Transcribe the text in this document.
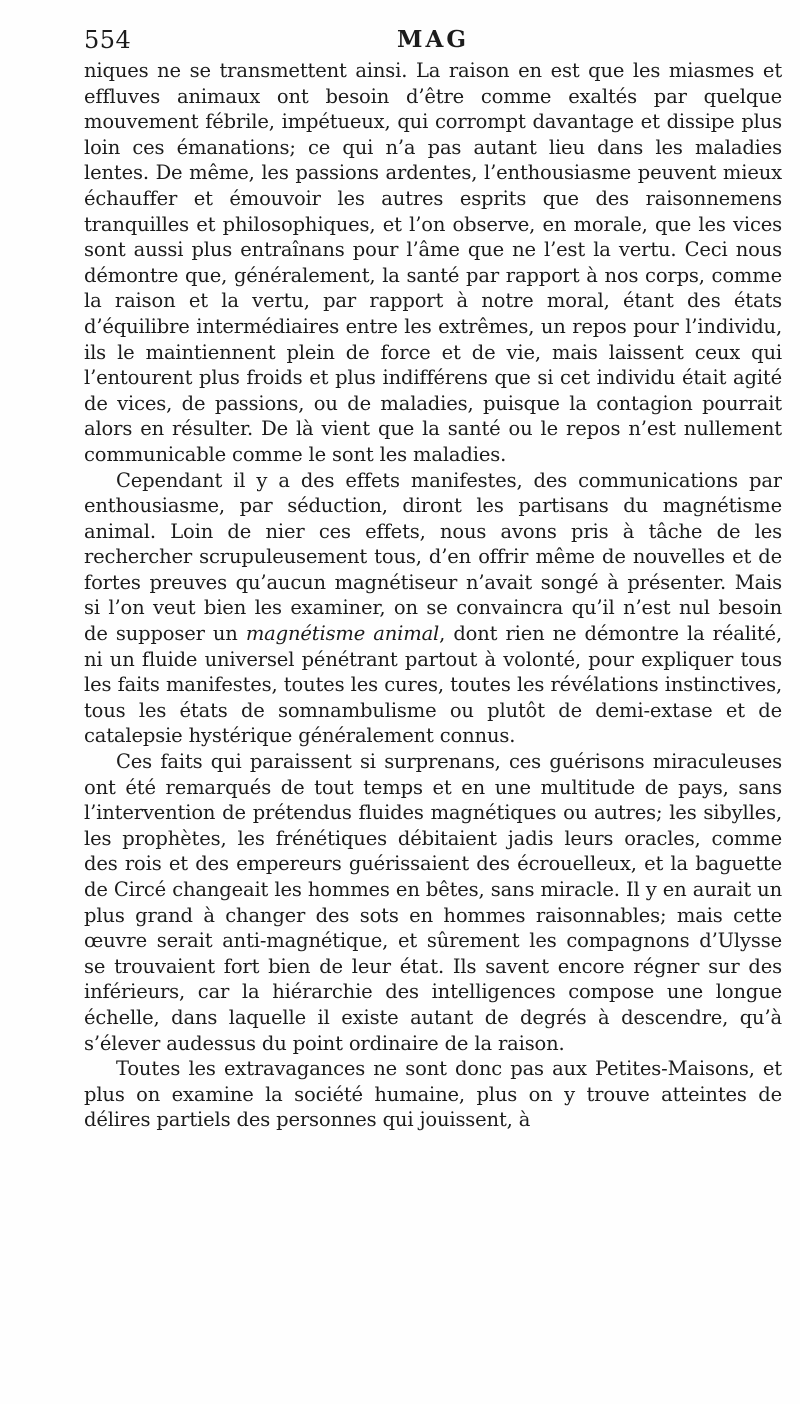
554	MAG

niques ne se transmettent ainsi. La raison en est que les miasmes et effluves animaux ont besoin d’être comme exaltés par quelque mouvement fébrile, impétueux, qui corrompt davantage et dissipe plus loin ces émanations; ce qui n’a pas autant lieu dans les maladies lentes. De même, les passions ardentes, l’enthousiasme peuvent mieux échauffer et émouvoir les autres esprits que des raisonnemens tranquilles et philosophiques, et l’on observe, en morale, que les vices sont aussi plus entraînans pour l’âme que ne l’est la vertu. Ceci nous démontre que, généralement, la santé par rapport à nos corps, comme la raison et la vertu, par rapport à notre moral, étant des états d’équilibre intermédiaires entre les extrêmes, un repos pour l’individu, ils le maintiennent plein de force et de vie, mais laissent ceux qui l’entourent plus froids et plus indifférens que si cet individu était agité de vices, de passions, ou de maladies, puisque la contagion pourrait alors en résulter. De là vient que la santé ou le repos n’est nullement communicable comme le sont les maladies.

Cependant il y a des effets manifestes, des communications par enthousiasme, par séduction, diront les partisans du magnétisme animal. Loin de nier ces effets, nous avons pris à tâche de les rechercher scrupuleusement tous, d’en offrir même de nouvelles et de fortes preuves qu’aucun magnétiseur n’avait songé à présenter. Mais si l’on veut bien les examiner, on se convaincra qu’il n’est nul besoin de supposer un magnétisme animal, dont rien ne démontre la réalité, ni un fluide universel pénétrant partout à volonté, pour expliquer tous les faits manifestes, toutes les cures, toutes les révélations instinctives, tous les états de somnambulisme ou plutôt de demi-extase et de catalepsie hystérique généralement connus.

Ces faits qui paraissent si surprenans, ces guérisons miraculeuses ont été remarqués de tout temps et en une multitude de pays, sans l’intervention de prétendus fluides magnétiques ou autres; les sibylles, les prophètes, les frénétiques débitaient jadis leurs oracles, comme des rois et des empereurs guérissaient des écrouelleux, et la baguette de Circé changeait les hommes en bêtes, sans miracle. Il y en aurait un plus grand à changer des sots en hommes raisonnables; mais cette œuvre serait anti-magnétique, et sûrement les compagnons d’Ulysse se trouvaient fort bien de leur état. Ils savent encore régner sur des inférieurs, car la hiérarchie des intelligences compose une longue échelle, dans laquelle il existe autant de degrés à descendre, qu’à s’élever audessus du point ordinaire de la raison.

Toutes les extravagances ne sont donc pas aux Petites-Maisons, et plus on examine la société humaine, plus on y trouve atteintes de délires partiels des personnes qui jouissent, à
